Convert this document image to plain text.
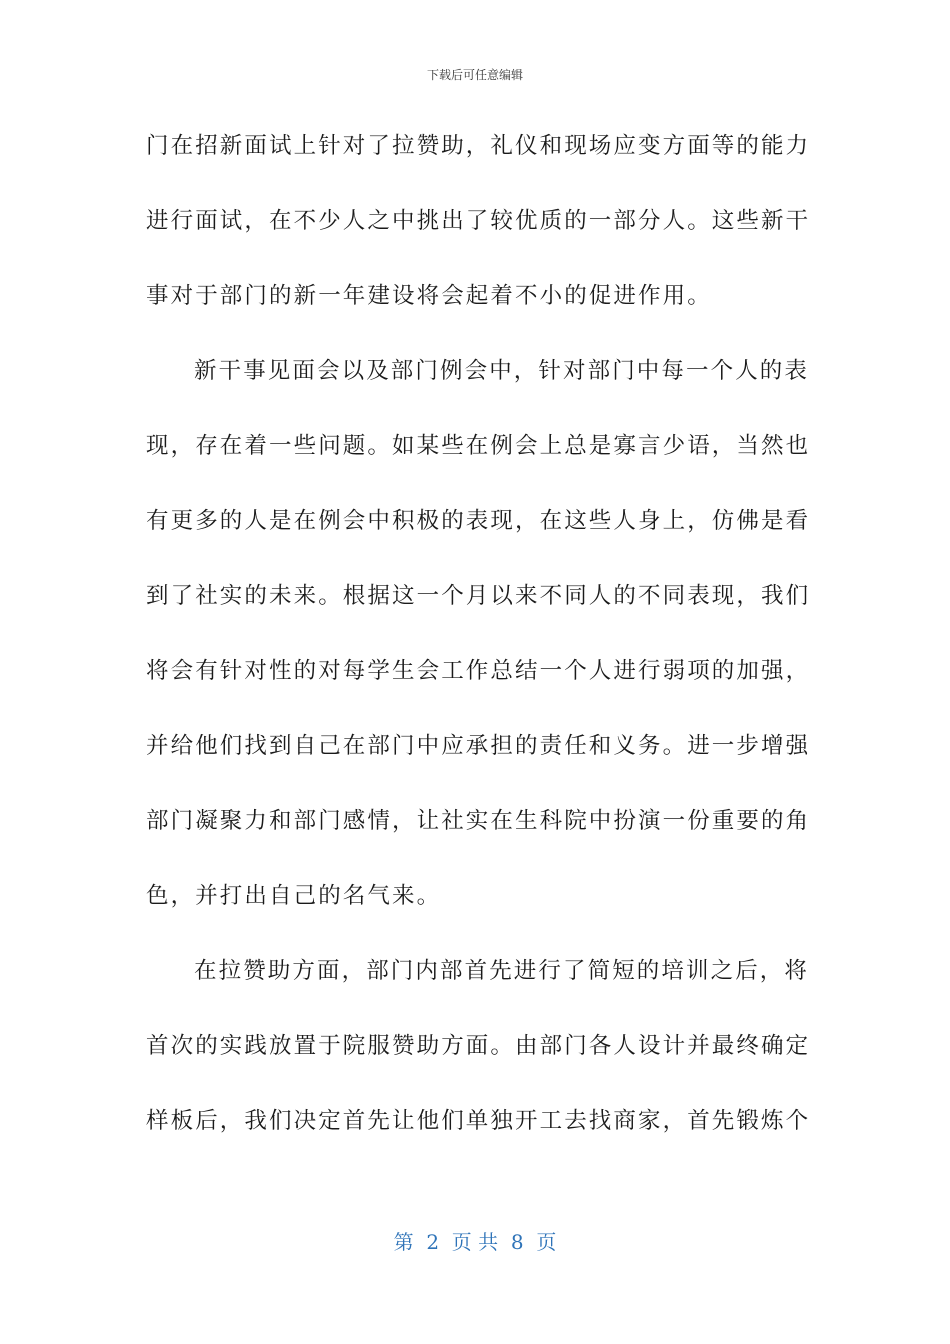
下载后可任意编辑
门在招新面试上针对了拉赞助，礼仪和现场应变方面等的能力
进行面试，在不少人之中挑出了较优质的一部分人。这些新干
事对于部门的新一年建设将会起着不小的促进作用。
新干事见面会以及部门例会中，针对部门中每一个人的表
现，存在着一些问题。如某些在例会上总是寡言少语，当然也
有更多的人是在例会中积极的表现，在这些人身上，仿佛是看
到了社实的未来。根据这一个月以来不同人的不同表现，我们
将会有针对性的对每学生会工作总结一个人进行弱项的加强，
并给他们找到自己在部门中应承担的责任和义务。进一步增强
部门凝聚力和部门感情，让社实在生科院中扮演一份重要的角
色，并打出自己的名气来。
在拉赞助方面，部门内部首先进行了简短的培训之后，将
首次的实践放置于院服赞助方面。由部门各人设计并最终确定
样板后，我们决定首先让他们单独开工去找商家，首先锻炼个
第  2  页 共  8  页
